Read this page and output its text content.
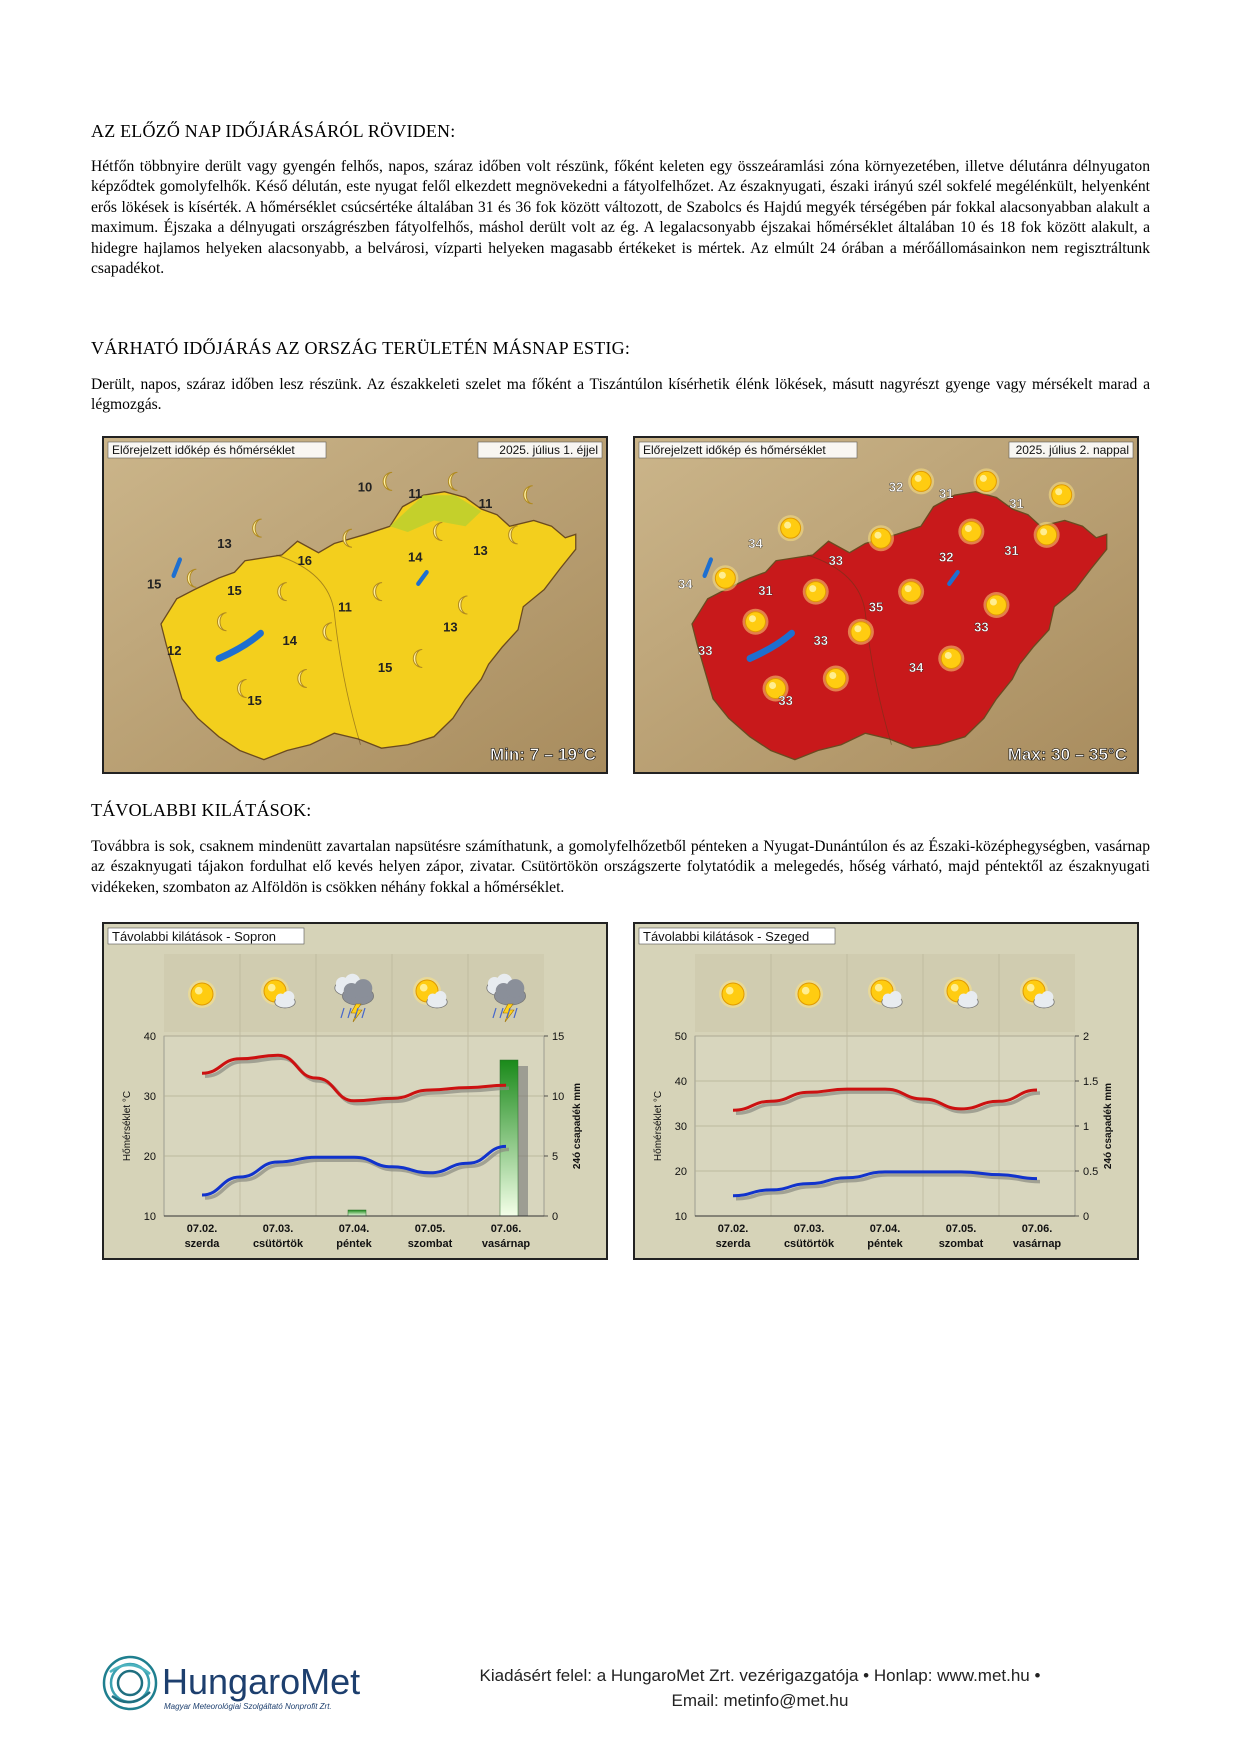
AZ ELŐZŐ NAP IDŐJÁRÁSÁRÓL RÖVIDEN:
Hétfőn többnyire derült vagy gyengén felhős, napos, száraz időben volt részünk, főként keleten egy összeáramlási zóna környezetében, illetve délutánra délnyugaton képződtek gomolyfelhők. Késő délután, este nyugat felől elkezdett megnövekedni a fátyolfelhőzet. Az északnyugati, északi irányú szél sokfelé megélénkült, helyenként erős lökések is kísérték. A hőmérséklet csúcsértéke általában 31 és 36 fok között változott, de Szabolcs és Hajdú megyék térségében pár fokkal alacsonyabban alakult a maximum. Éjszaka a délnyugati országrészben fátyolfelhős, máshol derült volt az ég. A legalacsonyabb éjszakai hőmérséklet általában 10 és 18 fok között alakult, a hidegre hajlamos helyeken alacsonyabb, a belvárosi, vízparti helyeken magasabb értékeket is mértek. Az elmúlt 24 órában a mérőállomásainkon nem regisztráltunk csapadékot.
VÁRHATÓ IDŐJÁRÁS AZ ORSZÁG TERÜLETÉN MÁSNAP ESTIG:
Derült, napos, száraz időben lesz részünk. Az északkeleti szelet ma főként a Tiszántúlon kísérhetik élénk lökések, másutt nagyrészt gyenge vagy mérsékelt marad a légmozgás.
10	11
11
13
16	14	13
15	15
11
12
14
13
15
15
Előrejelzett időkép és hőmérséklet	2025. július 1. éjjel
Min: 7 – 19°C
32	31
31
34
33	32	31
34	31
35
33
33
33
34
33
Előrejelzett időkép és hőmérséklet	2025. július 2. nappal
Max: 30 – 35°C
TÁVOLABBI KILÁTÁSOK:
Továbbra is sok, csaknem mindenütt zavartalan napsütésre számíthatunk, a gomolyfelhőzetből pénteken a Nyugat-Dunántúlon és az Északi-középhegységben, vasárnap az északnyugati tájakon fordulhat elő kevés helyen zápor, zivatar. Csütörtökön országszerte folytatódik a melegedés, hőség várható, majd péntektől az északnyugati vidékeken, szombaton az Alföldön is csökken néhány fokkal a hőmérséklet.
Távolabbi kilátások - Sopron
10
20
30
40
0
5
10
15
Hőmérséklet °C	24ó csapadék mm
07.02.
szerda
07.03.
csütörtök
07.04.
péntek
07.05.
szombat
07.06.
vasárnap
Távolabbi kilátások - Szeged
10
20
30
40
50
0
0.5
1
1.5
2
Hőmérséklet °C	24ó csapadék mm
07.02.
szerda
07.03.
csütörtök
07.04.
péntek
07.05.
szombat
07.06.
vasárnap
HungaroMet
Magyar Meteorológiai Szolgáltató Nonprofit Zrt.
Kiadásért felel: a HungaroMet Zrt. vezérigazgatója • Honlap: www.met.hu •
Email: metinfo@met.hu
